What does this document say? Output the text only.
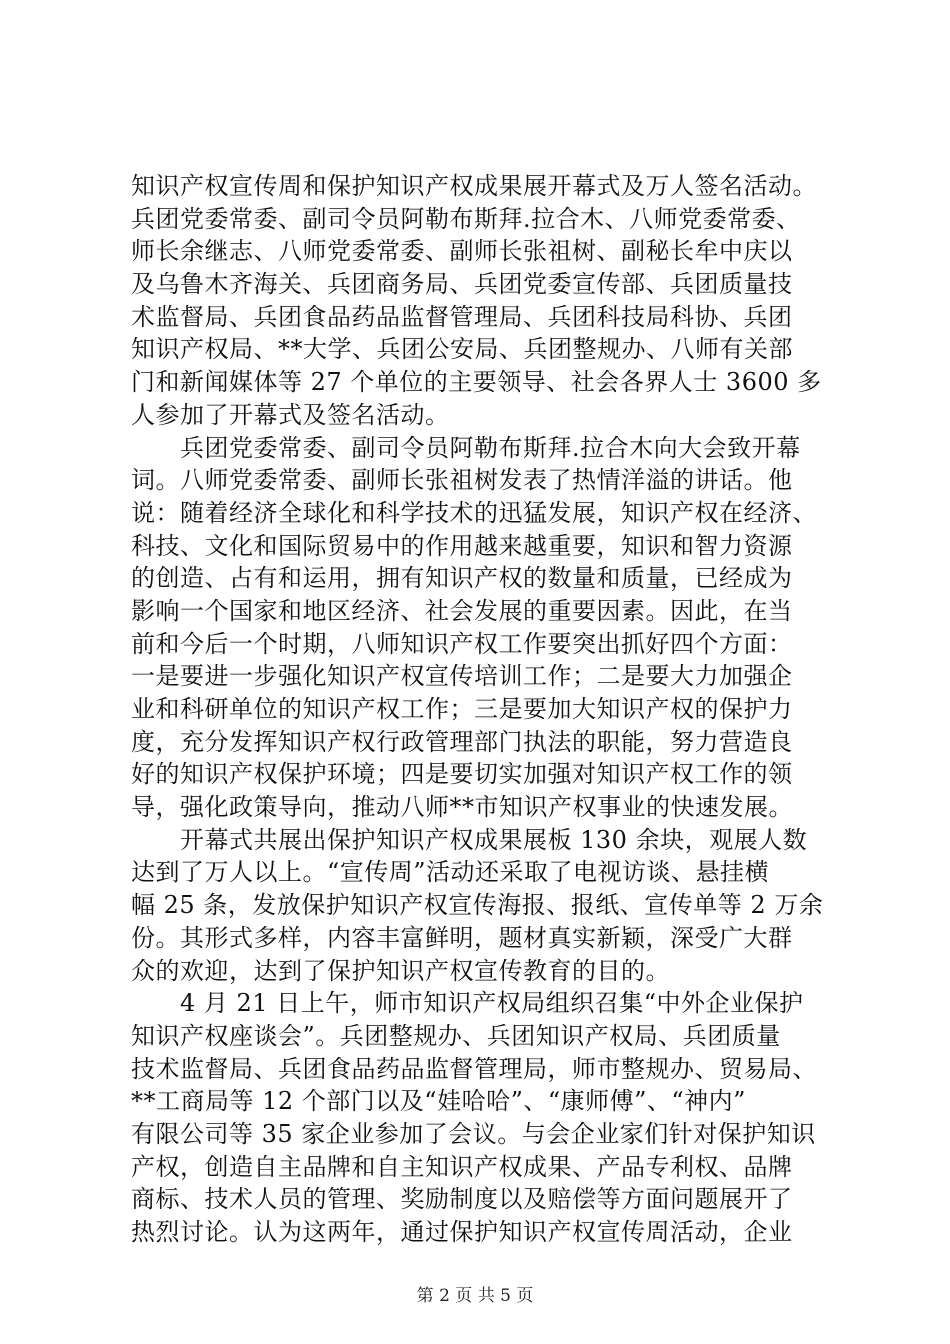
知识产权宣传周和保护知识产权成果展开幕式及万人签名活动。
兵团党委常委、副司令员阿勒布斯拜.拉合木、八师党委常委、
师长余继志、八师党委常委、副师长张祖树、副秘长牟中庆以
及乌鲁木齐海关、兵团商务局、兵团党委宣传部、兵团质量技
术监督局、兵团食品药品监督管理局、兵团科技局科协、兵团
知识产权局、**大学、兵团公安局、兵团整规办、八师有关部
门和新闻媒体等 27 个单位的主要领导、社会各界人士 3600 多
人参加了开幕式及签名活动。
　　兵团党委常委、副司令员阿勒布斯拜.拉合木向大会致开幕
词。八师党委常委、副师长张祖树发表了热情洋溢的讲话。他
说：随着经济全球化和科学技术的迅猛发展，知识产权在经济、
科技、文化和国际贸易中的作用越来越重要，知识和智力资源
的创造、占有和运用，拥有知识产权的数量和质量，已经成为
影响一个国家和地区经济、社会发展的重要因素。因此，在当
前和今后一个时期，八师知识产权工作要突出抓好四个方面：
一是要进一步强化知识产权宣传培训工作；二是要大力加强企
业和科研单位的知识产权工作；三是要加大知识产权的保护力
度，充分发挥知识产权行政管理部门执法的职能，努力营造良
好的知识产权保护环境；四是要切实加强对知识产权工作的领
导，强化政策导向，推动八师**市知识产权事业的快速发展。
　　开幕式共展出保护知识产权成果展板 130 余块，观展人数
达到了万人以上。“宣传周”活动还采取了电视访谈、悬挂横
幅 25 条，发放保护知识产权宣传海报、报纸、宣传单等 2 万余
份。其形式多样，内容丰富鲜明，题材真实新颖，深受广大群
众的欢迎，达到了保护知识产权宣传教育的目的。
　　4 月 21 日上午，师市知识产权局组织召集“中外企业保护
知识产权座谈会”。兵团整规办、兵团知识产权局、兵团质量
技术监督局、兵团食品药品监督管理局，师市整规办、贸易局、
**工商局等 12 个部门以及“娃哈哈”、“康师傅”、“神内”
有限公司等 35 家企业参加了会议。与会企业家们针对保护知识
产权，创造自主品牌和自主知识产权成果、产品专利权、品牌
商标、技术人员的管理、奖励制度以及赔偿等方面问题展开了
热烈讨论。认为这两年，通过保护知识产权宣传周活动，企业
第 2 页 共 5 页
